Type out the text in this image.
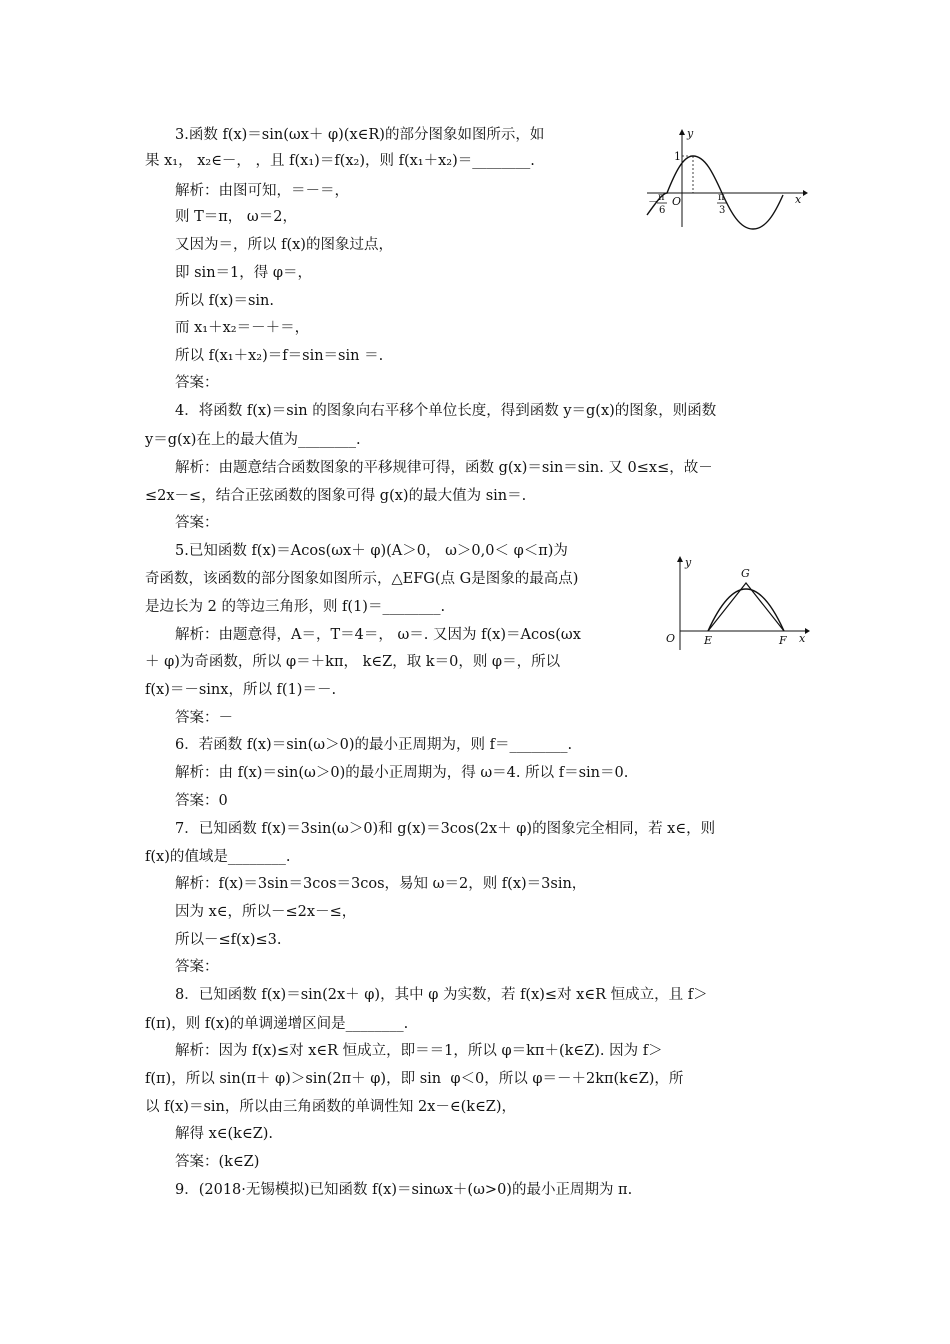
3.函数 f(x)＝sin(ωx＋ φ)(x∈R)的部分图象如图所示，如
果 x₁， x₂∈－， ，且 f(x₁)＝f(x₂)，则 f(x₁＋x₂)＝________.
解析：由图可知，＝－＝，
则 T＝π， ω＝2，
又因为＝，所以 f(x)的图象过点，
即 sin＝1，得 φ＝，
所以 f(x)＝sin.
而 x₁＋x₂＝－＋＝，
所以 f(x₁＋x₂)＝f＝sin＝sin ＝.
答案：
4．将函数 f(x)＝sin 的图象向右平移个单位长度，得到函数 y＝g(x)的图象，则函数
y＝g(x)在上的最大值为________.
解析：由题意结合函数图象的平移规律可得，函数 g(x)＝sin＝sin. 又 0≤x≤，故－
≤2x－≤，结合正弦函数的图象可得 g(x)的最大值为 sin＝.
答案：
5.已知函数 f(x)＝Acos(ωx＋ φ)(A＞0， ω＞0,0＜ φ＜π)为
奇函数，该函数的部分图象如图所示，△EFG(点 G是图象的最高点)
是边长为 2 的等边三角形，则 f(1)＝________.
解析：由题意得，A＝，T＝4＝， ω＝. 又因为 f(x)＝Acos(ωx
＋ φ)为奇函数，所以 φ＝＋kπ， k∈Z，取 k＝0，则 φ＝，所以
f(x)＝－sinx，所以 f(1)＝－.
答案：－
6．若函数 f(x)＝sin(ω＞0)的最小正周期为，则 f＝________.
解析：由 f(x)＝sin(ω＞0)的最小正周期为，得 ω＝4. 所以 f＝sin＝0.
答案：0
7．已知函数 f(x)＝3sin(ω＞0)和 g(x)＝3cos(2x＋ φ)的图象完全相同，若 x∈，则
f(x)的值域是________.
解析：f(x)＝3sin＝3cos＝3cos，易知 ω＝2，则 f(x)＝3sin，
因为 x∈，所以－≤2x－≤，
所以－≤f(x)≤3.
答案：
8．已知函数 f(x)＝sin(2x＋ φ)，其中 φ 为实数，若 f(x)≤对 x∈R 恒成立，且 f＞
f(π)，则 f(x)的单调递增区间是________.
解析：因为 f(x)≤对 x∈R 恒成立，即＝＝1，所以 φ＝kπ＋(k∈Z). 因为 f＞
f(π)，所以 sin(π＋ φ)＞sin(2π＋ φ)，即 sin  φ＜0，所以 φ＝－＋2kπ(k∈Z)，所
以 f(x)＝sin，所以由三角函数的单调性知 2x－∈(k∈Z)，
解得 x∈(k∈Z).
答案：(k∈Z)
9．(2018·无锡模拟)已知函数 f(x)＝sinωx＋(ω>0)的最小正周期为 π.
y
x
O
1
－ π
6
π
3
y
x
O	E	F
G
